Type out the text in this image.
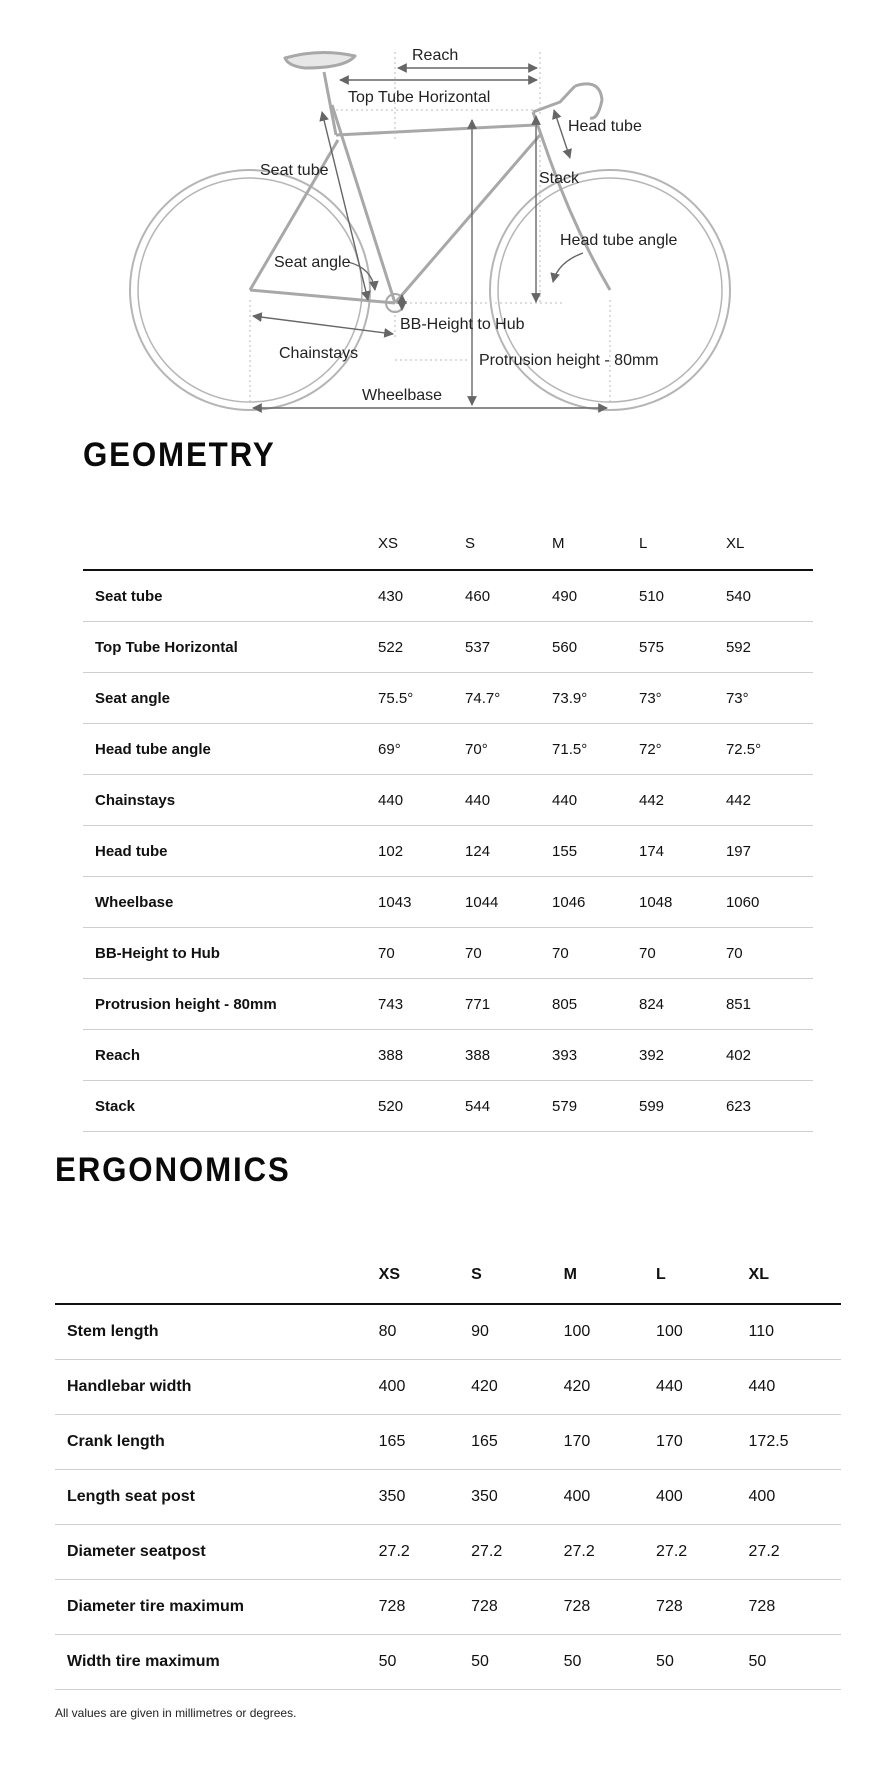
Reach
Top Tube Horizontal
Head tube
Seat tube	Stack
Head tube angle
Seat angle
BB-Height to Hub
Chainstays	Protrusion height - 80mm
Wheelbase
GEOMETRY
	XS	S	M	L	XL
Seat tube	430	460	490	510	540
Top Tube Horizontal	522	537	560	575	592
Seat angle	75.5°	74.7°	73.9°	73°	73°
Head tube angle	69°	70°	71.5°	72°	72.5°
Chainstays	440	440	440	442	442
Head tube	102	124	155	174	197
Wheelbase	1043	1044	1046	1048	1060
BB-Height to Hub	70	70	70	70	70
Protrusion height - 80mm	743	771	805	824	851
Reach	388	388	393	392	402
Stack	520	544	579	599	623
ERGONOMICS
	XS	S	M	L	XL
Stem length	80	90	100	100	110
Handlebar width	400	420	420	440	440
Crank length	165	165	170	170	172.5
Length seat post	350	350	400	400	400
Diameter seatpost	27.2	27.2	27.2	27.2	27.2
Diameter tire maximum	728	728	728	728	728
Width tire maximum	50	50	50	50	50

All values are given in millimetres or degrees.
